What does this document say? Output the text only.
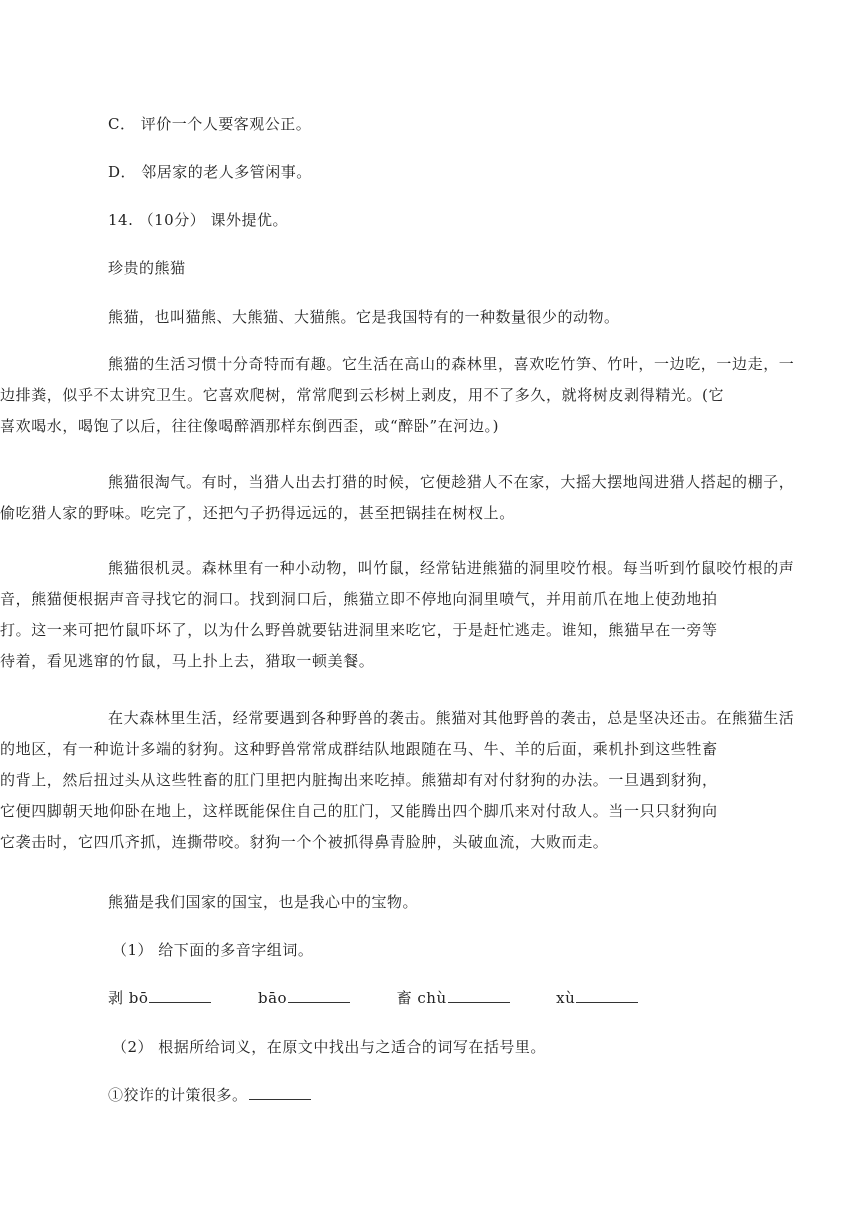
C． 评价一个人要客观公正。
D． 邻居家的老人多管闲事。
14. （10分） 课外提优。
珍贵的熊猫
熊猫，也叫猫熊、大熊猫、大猫熊。它是我国特有的一种数量很少的动物。
熊猫的生活习惯十分奇特而有趣。它生活在高山的森林里，喜欢吃竹笋、竹叶，一边吃，一边走，一
边排粪，似乎不太讲究卫生。它喜欢爬树，常常爬到云杉树上剥皮，用不了多久，就将树皮剥得精光。(它
喜欢喝水，喝饱了以后，往往像喝醉酒那样东倒西歪，或“醉卧”在河边。)
熊猫很淘气。有时，当猎人出去打猎的时候，它便趁猎人不在家，大摇大摆地闯进猎人搭起的棚子，
偷吃猎人家的野味。吃完了，还把勺子扔得远远的，甚至把锅挂在树杈上。
熊猫很机灵。森林里有一种小动物，叫竹鼠，经常钻进熊猫的洞里咬竹根。每当听到竹鼠咬竹根的声
音，熊猫便根据声音寻找它的洞口。找到洞口后，熊猫立即不停地向洞里喷气，并用前爪在地上使劲地拍
打。这一来可把竹鼠吓坏了，以为什么野兽就要钻进洞里来吃它，于是赶忙逃走。谁知，熊猫早在一旁等
待着，看见逃窜的竹鼠，马上扑上去，猎取一顿美餐。
在大森林里生活，经常要遇到各种野兽的袭击。熊猫对其他野兽的袭击，总是坚决还击。在熊猫生活
的地区，有一种诡计多端的豺狗。这种野兽常常成群结队地跟随在马、牛、羊的后面，乘机扑到这些牲畜
的背上，然后扭过头从这些牲畜的肛门里把内脏掏出来吃掉。熊猫却有对付豺狗的办法。一旦遇到豺狗，
它便四脚朝天地仰卧在地上，这样既能保住自己的肛门，又能腾出四个脚爪来对付敌人。当一只只豺狗向
它袭击时，它四爪齐抓，连撕带咬。豺狗一个个被抓得鼻青脸肿，头破血流，大败而走。
熊猫是我们国家的国宝，也是我心中的宝物。
（1） 给下面的多音字组词。
剥 bō	bāo	畜 chù	xù
（2） 根据所给词义，在原文中找出与之适合的词写在括号里。
①狡诈的计策很多。
